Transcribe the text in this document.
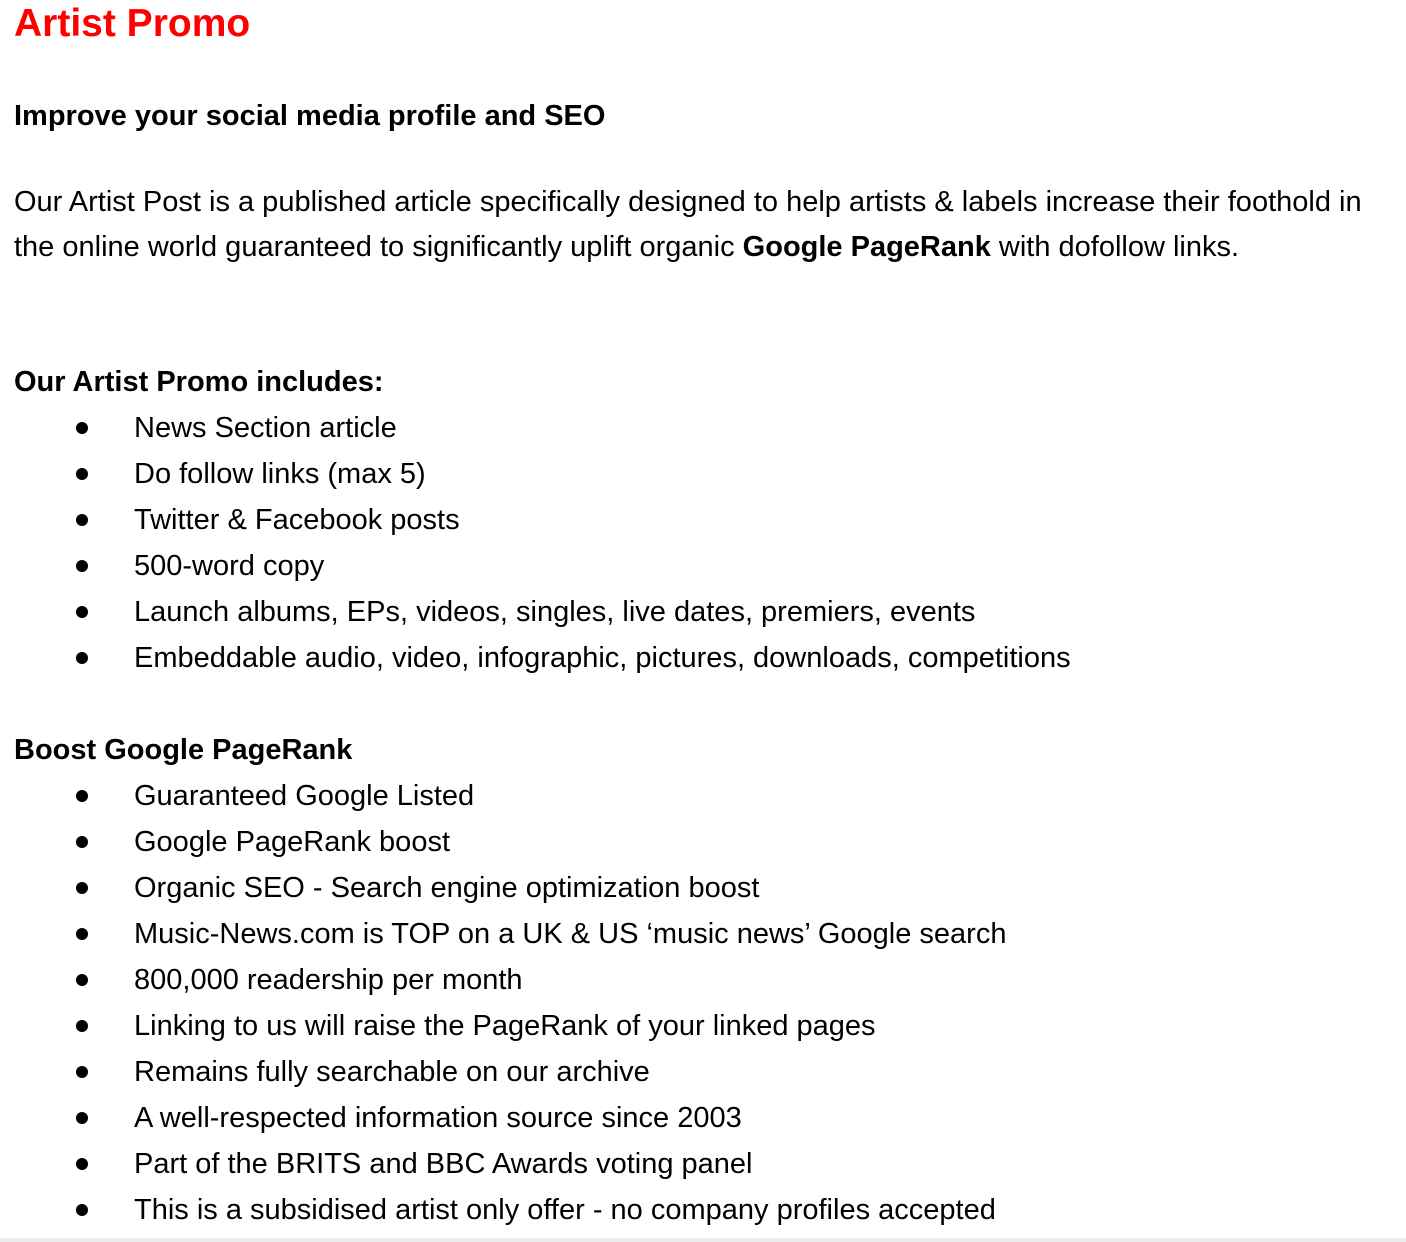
Artist Promo
Improve your social media profile and SEO

Our Artist Post is a published article specifically designed to help artists & labels increase their foothold in the online world guaranteed to significantly uplift organic Google PageRank with dofollow links.

Our Artist Promo includes:
News Section article
Do follow links (max 5)
Twitter & Facebook posts
500-word copy
Launch albums, EPs, videos, singles, live dates, premiers, events
Embeddable audio, video, infographic, pictures, downloads, competitions
Boost Google PageRank
Guaranteed Google Listed
Google PageRank boost
Organic SEO - Search engine optimization boost
Music-News.com is TOP on a UK & US ‘music news’ Google search
800,000 readership per month
Linking to us will raise the PageRank of your linked pages
Remains fully searchable on our archive
A well-respected information source since 2003
Part of the BRITS and BBC Awards voting panel
This is a subsidised artist only offer - no company profiles accepted
